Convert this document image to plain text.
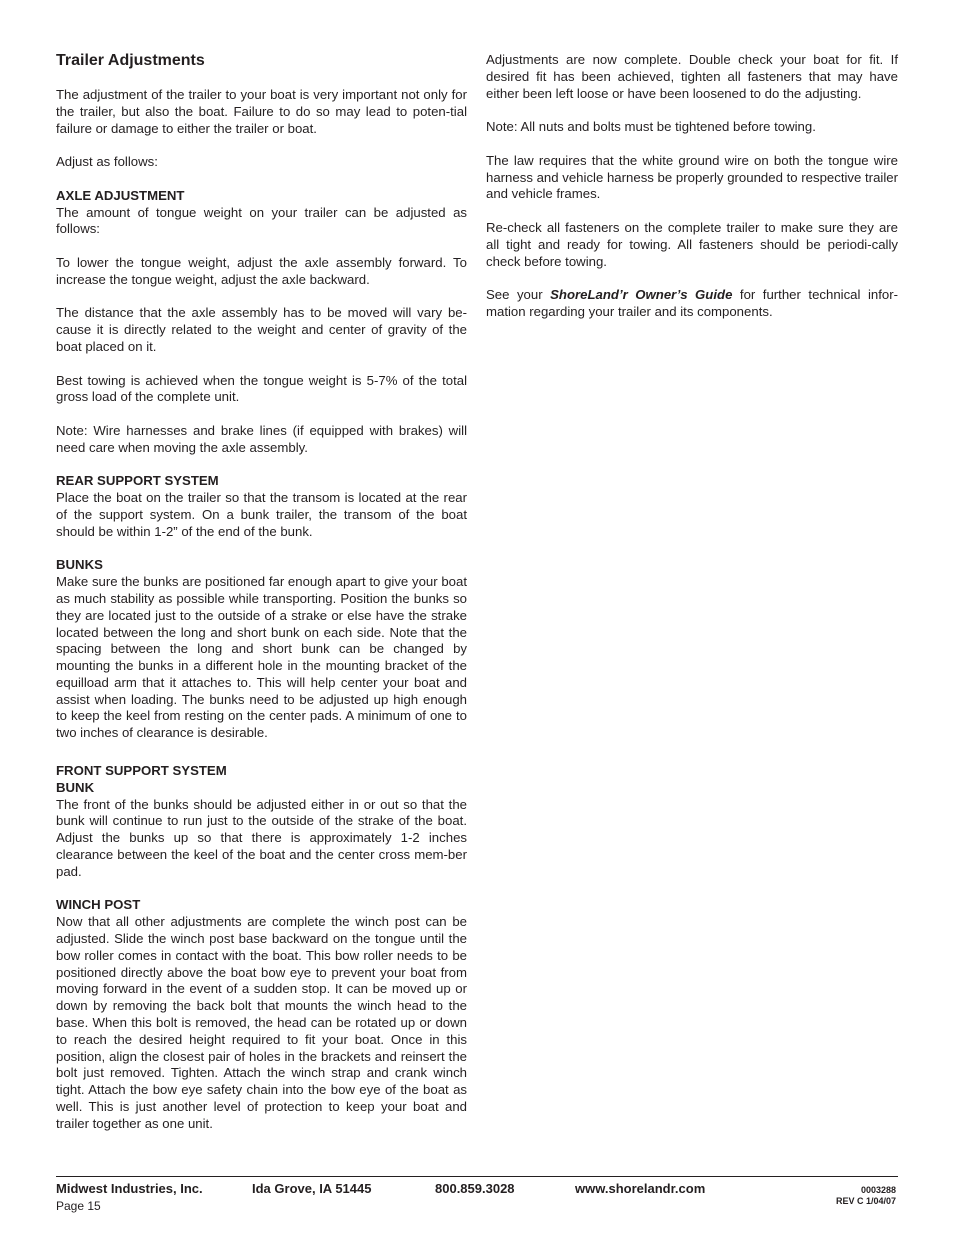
Trailer Adjustments

The adjustment of the trailer to your boat is very important not only for the trailer, but also the boat. Failure to do so may lead to poten-tial failure or damage to either the trailer or boat.

Adjust as follows:

AXLE ADJUSTMENT
The amount of tongue weight on your trailer can be adjusted as follows:

To lower the tongue weight, adjust the axle assembly forward. To increase the tongue weight, adjust the axle backward.

The distance that the axle assembly has to be moved will vary be-cause it is directly related to the weight and center of gravity of the boat placed on it.

Best towing is achieved when the tongue weight is 5-7% of the total gross load of the complete unit.

Note: Wire harnesses and brake lines (if equipped with brakes) will need care when moving the axle assembly.

REAR SUPPORT SYSTEM
Place the boat on the trailer so that the transom is located at the rear of the support system. On a bunk trailer, the transom of the boat should be within 1-2” of the end of the bunk.

BUNKS
Make sure the bunks are positioned far enough apart to give your boat as much stability as possible while transporting. Position the bunks so they are located just to the outside of a strake or else have the strake located between the long and short bunk on each side. Note that the spacing between the long and short bunk can be changed by mounting the bunks in a different hole in the mounting bracket of the equilload arm that it attaches to. This will help center your boat and assist when loading. The bunks need to be adjusted up high enough to keep the keel from resting on the center pads. A minimum of one to two inches of clearance is desirable.

FRONT SUPPORT SYSTEM
BUNK
The front of the bunks should be adjusted either in or out so that the bunk will continue to run just to the outside of the strake of the boat. Adjust the bunks up so that there is approximately 1-2 inches clearance between the keel of the boat and the center cross mem-ber pad.

WINCH POST
Now that all other adjustments are complete the winch post can be adjusted. Slide the winch post base backward on the tongue until the bow roller comes in contact with the boat. This bow roller needs to be positioned directly above the boat bow eye to prevent your boat from moving forward in the event of a sudden stop. It can be moved up or down by removing the back bolt that mounts the winch head to the base. When this bolt is removed, the head can be rotated up or down to reach the desired height required to fit your boat. Once in this position, align the closest pair of holes in the brackets and reinsert the bolt just removed. Tighten. Attach the winch strap and crank winch tight. Attach the bow eye safety chain into the bow eye of the boat as well. This is just another level of protection to keep your boat and trailer together as one unit.

Adjustments are now complete. Double check your boat for fit. If desired fit has been achieved, tighten all fasteners that may have either been left loose or have been loosened to do the adjusting.

Note: All nuts and bolts must be tightened before towing.

The law requires that the white ground wire on both the tongue wire harness and vehicle harness be properly grounded to respective trailer and vehicle frames.

Re-check all fasteners on the complete trailer to make sure they are all tight and ready for towing. All fasteners should be periodi-cally check before towing.

See your ShoreLand’r Owner’s Guide for further technical infor-mation regarding your trailer and its components.

Midwest Industries, Inc.	Ida Grove, IA 51445	800.859.3028	www.shorelandr.com
Page 15
0003288
REV C 1/04/07
